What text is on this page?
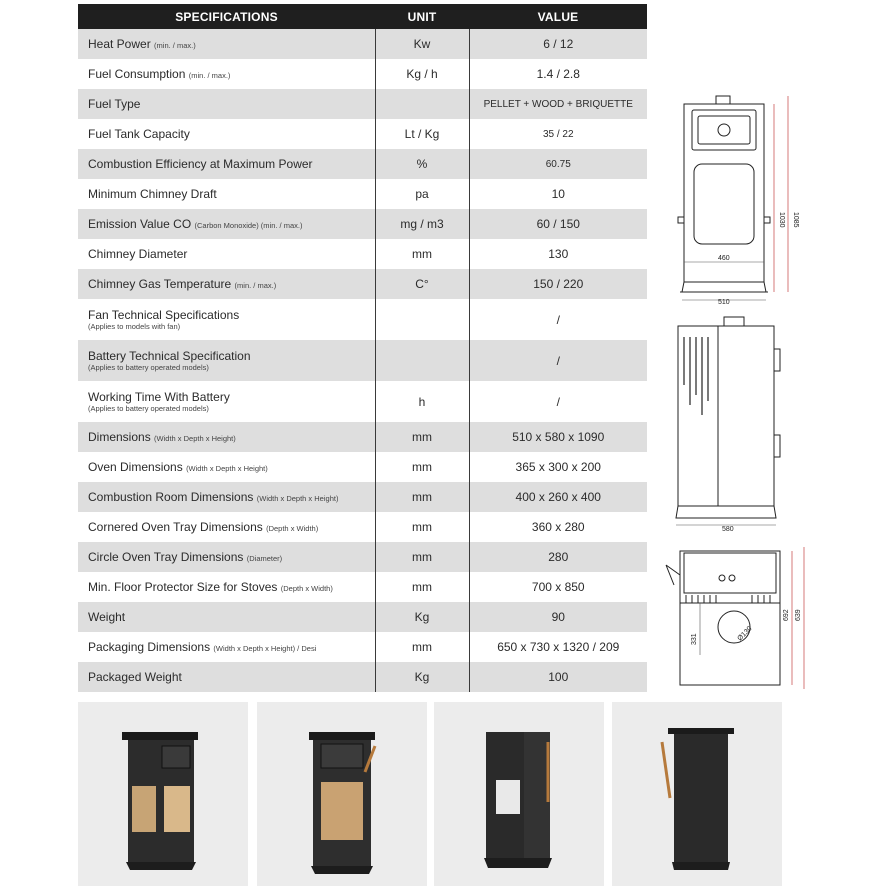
SPECIFICATIONS	UNIT	VALUE
Heat Power (min. / max.)	Kw	6 / 12
Fuel Consumption (min. / max.)	Kg / h	1.4 / 2.8
Fuel Type		PELLET + WOOD + BRIQUETTE
Fuel Tank Capacity	Lt / Kg	35 / 22
Combustion Efficiency at Maximum Power	%	60.75
Minimum Chimney Draft	pa	10
Emission Value CO (Carbon Monoxide) (min. / max.)	mg / m3	60 / 150
Chimney Diameter	mm	130
Chimney Gas Temperature (min. / max.)	C°	150 / 220
Fan Technical Specifications
(Applies to models with fan)		/
Battery Technical Specification
(Applies to battery operated models)		/
Working Time With Battery
(Applies to battery operated models)	h	/
Dimensions (Width x Depth x Height)	mm	510 x 580 x 1090
Oven Dimensions (Width x Depth x Height)	mm	365 x 300 x 200
Combustion Room Dimensions (Width x Depth x Height)	mm	400 x 260 x 400
Cornered Oven Tray Dimensions (Depth x Width)	mm	360 x 280
Circle Oven Tray Dimensions (Diameter)	mm	280
Min. Floor Protector Size for Stoves (Depth x Width)	mm	700 x 850
Weight	Kg	90
Packaging Dimensions (Width x Depth x Height) / Desi	mm	650 x 730 x 1320 / 209
Packaged Weight	Kg	100
460
510
1030 1085
580
331	Ø130
692 639
